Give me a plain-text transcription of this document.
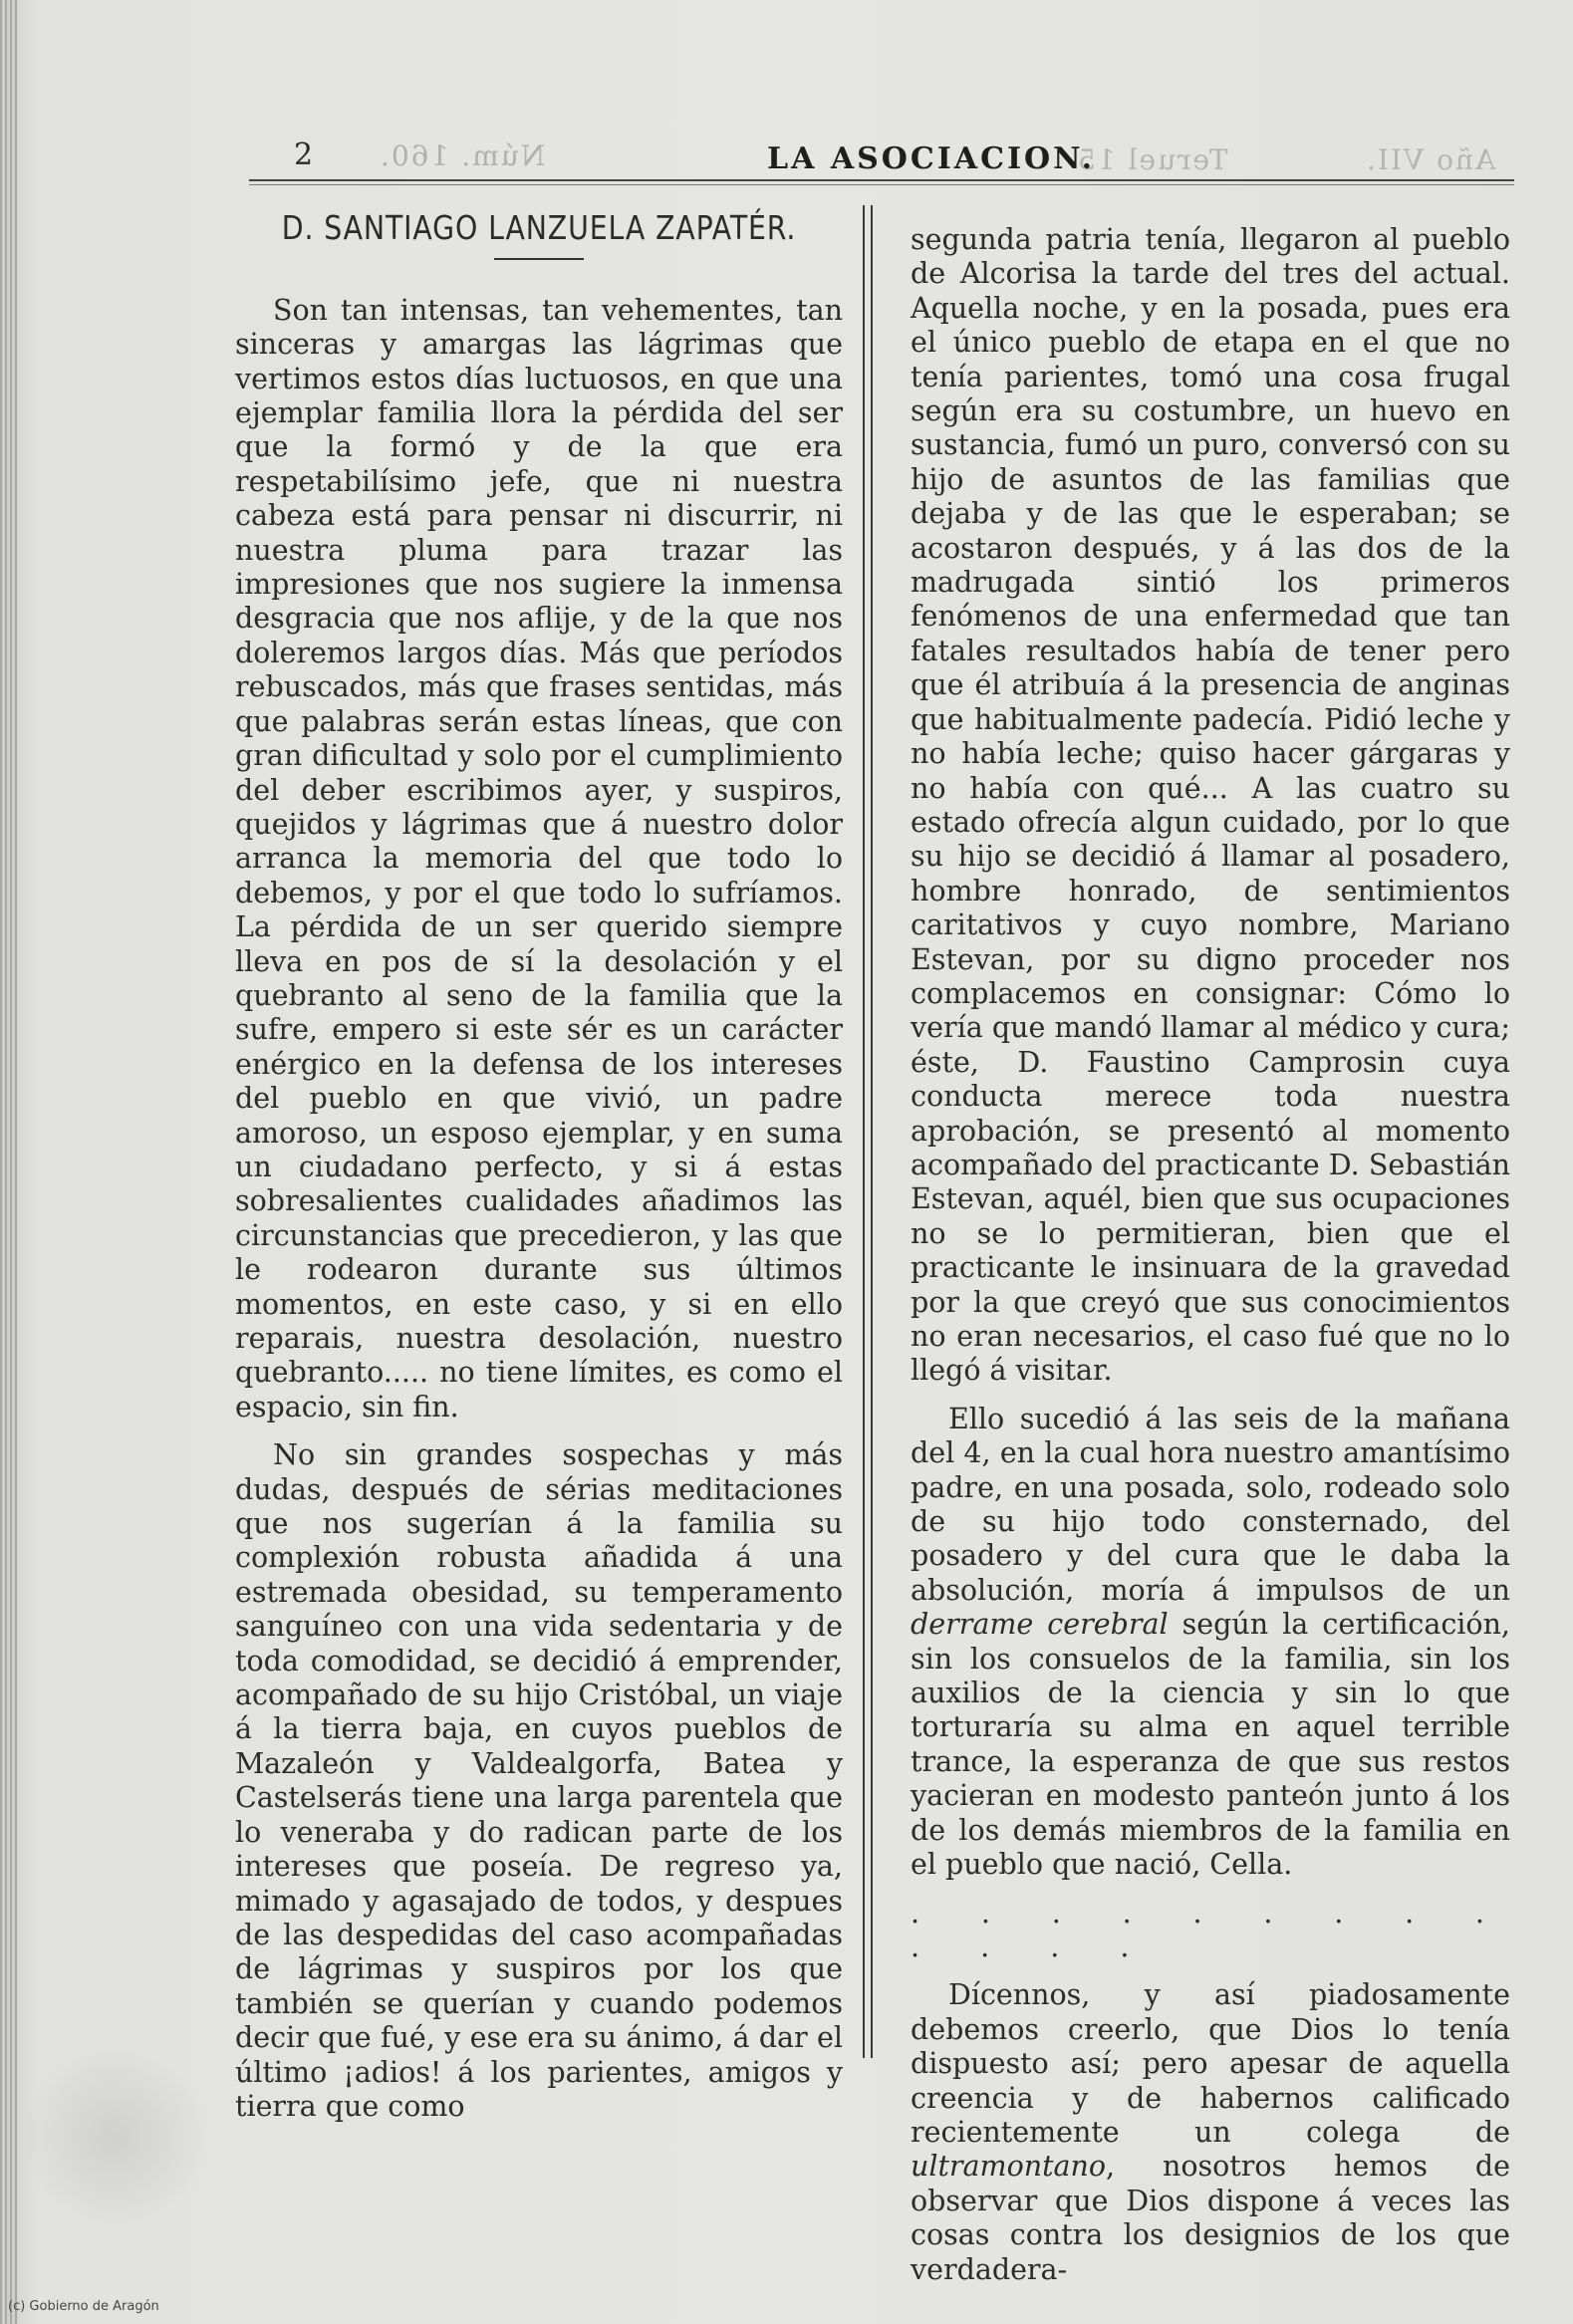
2 Núm. 160.	LA ASOCIACION.
Teruel 15	Año VII.
D. SANTIAGO LANZUELA ZAPATÉR.

Son tan intensas, tan vehementes, tan sinceras y amargas las lágrimas que vertimos estos días luctuosos, en que una ejemplar familia llora la pérdida del ser que la formó y de la que era respetabilísimo jefe, que ni nuestra cabeza está para pensar ni discurrir, ni nuestra pluma para trazar las impresiones que nos sugiere la inmensa desgracia que nos aflije, y de la que nos doleremos largos días. Más que períodos rebuscados, más que frases sentidas, más que palabras serán estas líneas, que con gran dificultad y solo por el cumplimiento del deber escribimos ayer, y suspiros, quejidos y lágrimas que á nuestro dolor arranca la memoria del que todo lo debemos, y por el que todo lo sufríamos. La pérdida de un ser querido siempre lleva en pos de sí la desolación y el quebranto al seno de la familia que la sufre, empero si este sér es un carácter enérgico en la defensa de los intereses del pueblo en que vivió, un padre amoroso, un esposo ejemplar, y en suma un ciudadano perfecto, y si á estas sobresalientes cualidades añadimos las circunstancias que precedieron, y las que le rodearon durante sus últimos momentos, en este caso, y si en ello reparais, nuestra desolación, nuestro quebranto..... no tiene límites, es como el espacio, sin fin.

No sin grandes sospechas y más dudas, después de sérias meditaciones que nos sugerían á la familia su complexión robusta añadida á una estremada obesidad, su temperamento sanguíneo con una vida sedentaria y de toda comodidad, se decidió á emprender, acompañado de su hijo Cristóbal, un viaje á la tierra baja, en cuyos pueblos de Mazaleón y Valdealgorfa, Batea y Castelserás tiene una larga parentela que lo veneraba y do radican parte de los intereses que poseía. De regreso ya, mimado y agasajado de todos, y despues de las despedidas del caso acompañadas de lágrimas y suspiros por los que también se querían y cuando podemos decir que fué, y ese era su ánimo, á dar el último ¡adios! á los parientes, amigos y tierra que como

segunda patria tenía, llegaron al pueblo de Alcorisa la tarde del tres del actual. Aquella noche, y en la posada, pues era el único pueblo de etapa en el que no tenía parientes, tomó una cosa frugal según era su costumbre, un huevo en sustancia, fumó un puro, conversó con su hijo de asuntos de las familias que dejaba y de las que le esperaban; se acostaron después, y á las dos de la madrugada sintió los primeros fenómenos de una enfermedad que tan fatales resultados había de tener pero que él atribuía á la presencia de anginas que habitualmente padecía. Pidió leche y no había leche; quiso hacer gárgaras y no había con qué... A las cuatro su estado ofrecía algun cuidado, por lo que su hijo se decidió á llamar al posadero, hombre honrado, de sentimientos caritativos y cuyo nombre, Mariano Estevan, por su digno proceder nos complacemos en consignar: Cómo lo vería que mandó llamar al médico y cura; éste, D. Faustino Camprosin cuya conducta merece toda nuestra aprobación, se presentó al momento acompañado del practicante D. Sebastián Estevan, aquél, bien que sus ocupaciones no se lo permitieran, bien que el practicante le insinuara de la gravedad por la que creyó que sus conocimientos no eran necesarios, el caso fué que no lo llegó á visitar.

Ello sucedió á las seis de la mañana del 4, en la cual hora nuestro amantísimo padre, en una posada, solo, rodeado solo de su hijo todo consternado, del posadero y del cura que le daba la absolución, moría á impulsos de un derrame cerebral según la certificación, sin los consuelos de la familia, sin los auxilios de la ciencia y sin lo que torturaría su alma en aquel terrible trance, la esperanza de que sus restos yacieran en modesto panteón junto á los de los demás miembros de la familia en el pueblo que nació, Cella.

. . . . . . . . . . . . .

Dícennos, y así piadosamente debemos creerlo, que Dios lo tenía dispuesto así; pero apesar de aquella creencia y de habernos calificado recientemente un colega de ultramontano, nosotros hemos de observar que Dios dispone á veces las cosas contra los designios de los que verdadera-

(c) Gobierno de Aragón
